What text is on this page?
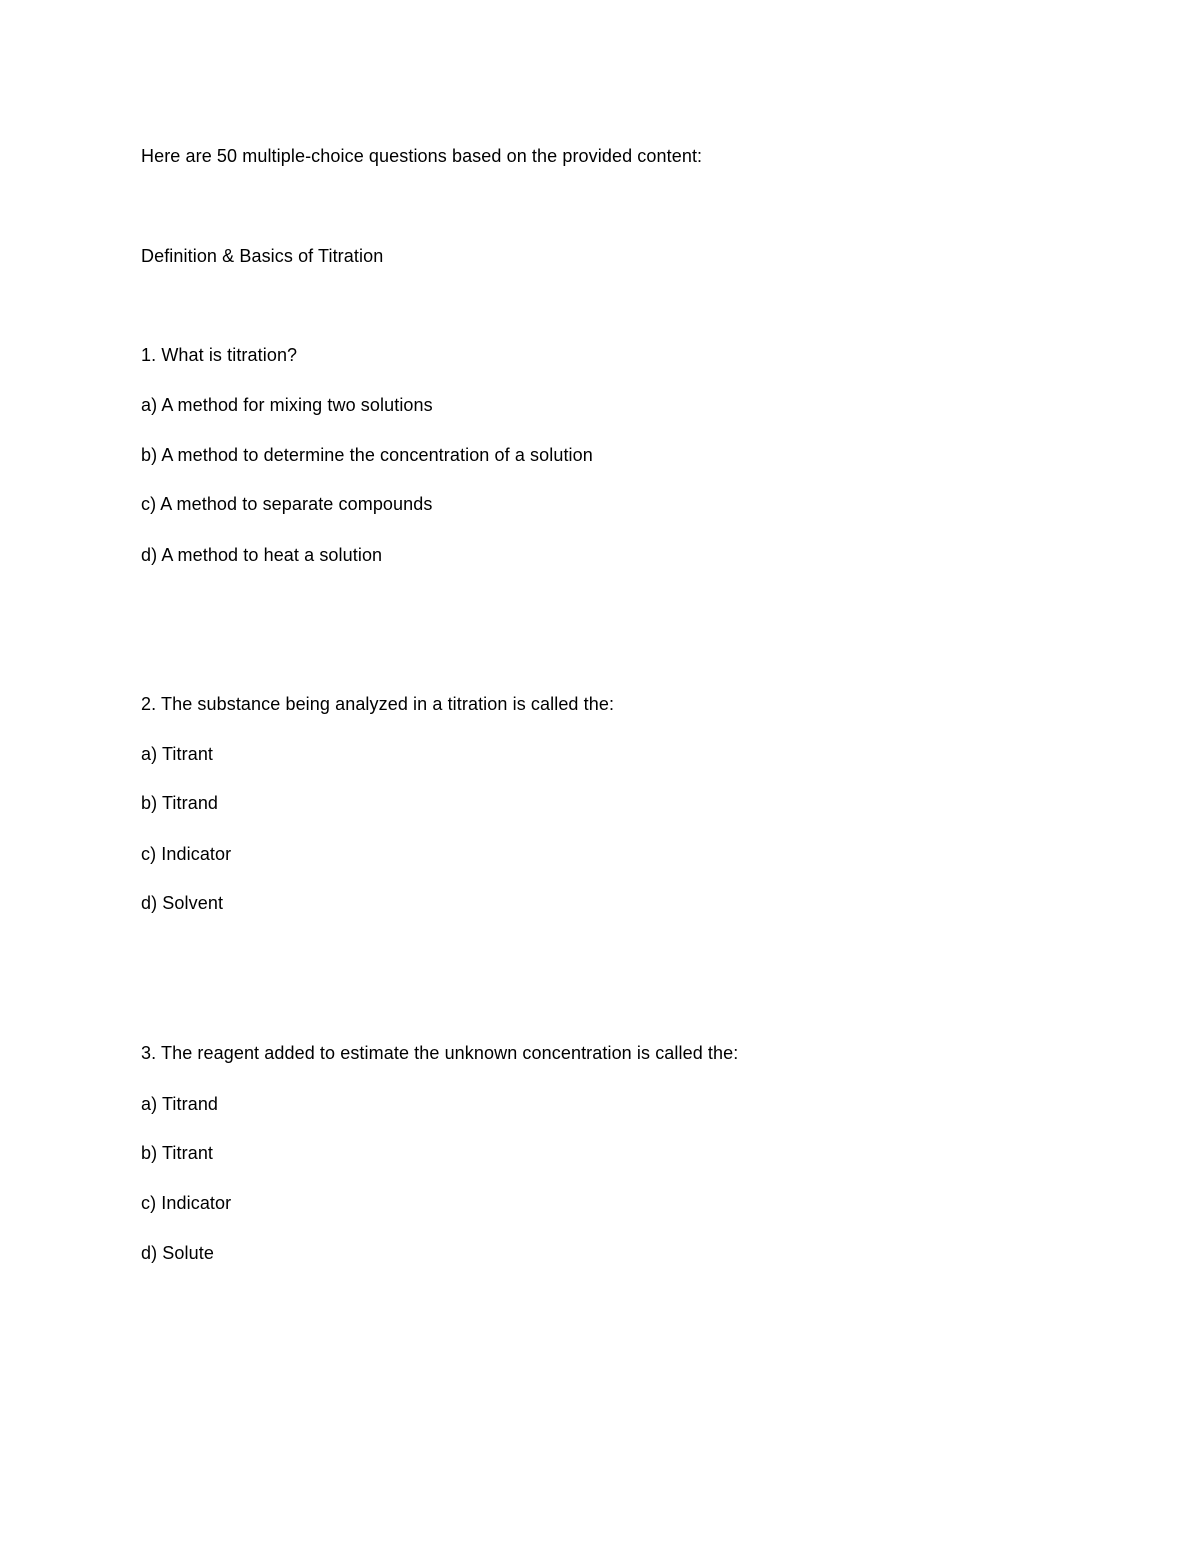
Here are 50 multiple-choice questions based on the provided content:
Definition & Basics of Titration
1. What is titration?
a) A method for mixing two solutions
b) A method to determine the concentration of a solution
c) A method to separate compounds
d) A method to heat a solution
2. The substance being analyzed in a titration is called the:
a) Titrant
b) Titrand
c) Indicator
d) Solvent
3. The reagent added to estimate the unknown concentration is called the:
a) Titrand
b) Titrant
c) Indicator
d) Solute
